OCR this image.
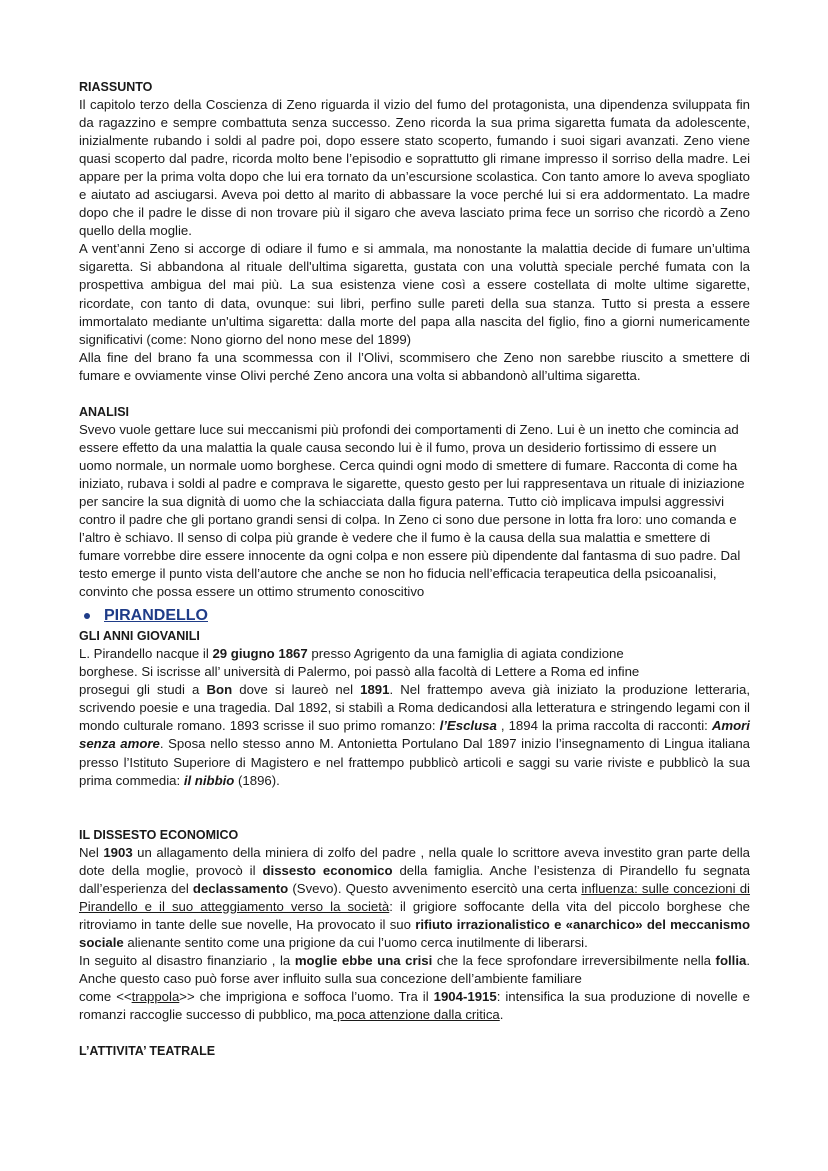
RIASSUNTO

Il capitolo terzo della Coscienza di Zeno riguarda il vizio del fumo del protagonista, una dipendenza sviluppata fin da ragazzino e sempre combattuta senza successo. Zeno ricorda la sua prima sigaretta fumata da adolescente, inizialmente rubando i soldi al padre poi, dopo essere stato scoperto, fumando i suoi sigari avanzati. Zeno viene quasi scoperto dal padre, ricorda molto bene l’episodio e soprattutto gli rimane impresso il sorriso della madre. Lei appare per la prima volta dopo che lui era tornato da un’escursione scolastica. Con tanto amore lo aveva spogliato e aiutato ad asciugarsi. Aveva poi detto al marito di abbassare la voce perché lui si era addormentato. La madre dopo che il padre le disse di non trovare più il sigaro che aveva lasciato prima fece un sorriso che ricordò a Zeno quello della moglie.

A vent’anni Zeno si accorge di odiare il fumo e si ammala, ma nonostante la malattia decide di fumare un’ultima sigaretta. Si abbandona al rituale dell'ultima sigaretta, gustata con una voluttà speciale perché fumata con la prospettiva ambigua del mai più. La sua esistenza viene così a essere costellata di molte ultime sigarette, ricordate, con tanto di data, ovunque: sui libri, perfino sulle pareti della sua stanza. Tutto si presta a essere immortalato mediante un'ultima sigaretta: dalla morte del papa alla nascita del figlio, fino a giorni numericamente significativi (come: Nono giorno del nono mese del 1899)

Alla fine del brano fa una scommessa con il l’Olivi, scommisero che Zeno non sarebbe riuscito a smettere di fumare e ovviamente vinse Olivi perché Zeno ancora una volta si abbandonò all’ultima sigaretta.

ANALISI

Svevo vuole gettare luce sui meccanismi più profondi dei comportamenti di Zeno. Lui è un inetto che comincia ad essere effetto da una malattia la quale causa secondo lui è il fumo, prova un desiderio fortissimo di essere un uomo normale, un normale uomo borghese. Cerca quindi ogni modo di smettere di fumare. Racconta di come ha iniziato, rubava i soldi al padre e comprava le sigarette, questo gesto per lui rappresentava un rituale di iniziazione per sancire la sua dignità di uomo che la schiacciata dalla figura paterna. Tutto ciò implicava impulsi aggressivi contro il padre che gli portano grandi sensi di colpa. In Zeno ci sono due persone in lotta fra loro: uno comanda e l’altro è schiavo. Il senso di colpa più grande è vedere che il fumo è la causa della sua malattia e smettere di fumare vorrebbe dire essere innocente da ogni colpa e non essere più dipendente dal fantasma di suo padre. Dal testo emerge il punto vista dell’autore che anche se non ho fiducia nell’efficacia terapeutica della psicoanalisi, convinto che possa essere un ottimo strumento conoscitivo

PIRANDELLO
GLI ANNI GIOVANILI

L. Pirandello nacque il 29 giugno 1867 presso Agrigento da una famiglia di agiata condizione

borghese. Si iscrisse all’ università di Palermo, poi passò alla facoltà di Lettere a Roma ed infine

prosegui gli studi a Bon dove si laureò nel 1891. Nel frattempo aveva già iniziato la produzione letteraria, scrivendo poesie e una tragedia. Dal 1892, si stabilì a Roma dedicandosi alla letteratura e stringendo legami con il mondo culturale romano. 1893 scrisse il suo primo romanzo: l’Esclusa , 1894 la prima raccolta di racconti: Amori senza amore. Sposa nello stesso anno M. Antonietta Portulano Dal 1897 inizio l’insegnamento di Lingua italiana presso l’Istituto Superiore di Magistero e nel frattempo pubblicò articoli e saggi su varie riviste e pubblicò la sua prima commedia: il nibbio (1896).

IL DISSESTO ECONOMICO

Nel 1903 un allagamento della miniera di zolfo del padre , nella quale lo scrittore aveva investito gran parte della dote della moglie, provocò il dissesto economico della famiglia. Anche l’esistenza di Pirandello fu segnata dall’esperienza del declassamento (Svevo). Questo avvenimento esercitò una certa influenza: sulle concezioni di Pirandello e il suo atteggiamento verso la società: il grigiore soffocante della vita del piccolo borghese che ritroviamo in tante delle sue novelle, Ha provocato il suo rifiuto irrazionalistico e «anarchico» del meccanismo sociale alienante sentito come una prigione da cui l’uomo cerca inutilmente di liberarsi.

In seguito al disastro finanziario , la moglie ebbe una crisi che la fece sprofondare irreversibilmente nella follia. Anche questo caso può forse aver influito sulla sua concezione dell’ambiente familiare

come <<trappola>> che imprigiona e soffoca l’uomo. Tra il 1904-1915: intensifica la sua produzione di novelle e romanzi raccoglie successo di pubblico, ma poca attenzione dalla critica.

L’ATTIVITA’ TEATRALE
